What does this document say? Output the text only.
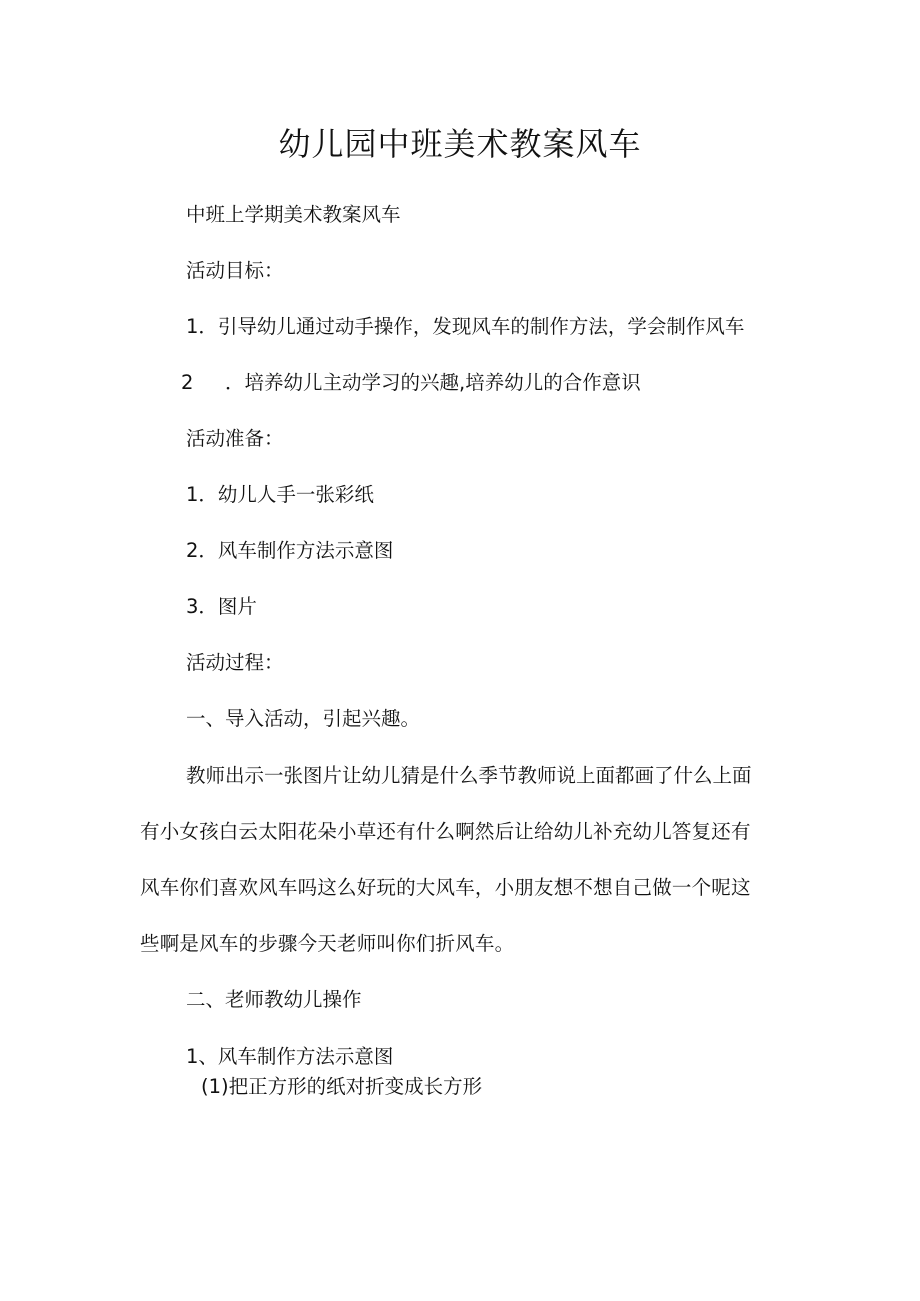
幼儿园中班美术教案风车
中班上学期美术教案风车
活动目标：
1．引导幼儿通过动手操作，发现风车的制作方法，学会制作风车
2 ．培养幼儿主动学习的兴趣,培养幼儿的合作意识
活动准备：
1．幼儿人手一张彩纸
2．风车制作方法示意图
3．图片
活动过程：
一、导入活动，引起兴趣。
教师出示一张图片让幼儿猜是什么季节教师说上面都画了什么上面
有小女孩白云太阳花朵小草还有什么啊然后让给幼儿补充幼儿答复还有
风车你们喜欢风车吗这么好玩的大风车，小朋友想不想自己做一个呢这
些啊是风车的步骤今天老师叫你们折风车。
二、老师教幼儿操作
1、风车制作方法示意图
(1)把正方形的纸对折变成长方形
